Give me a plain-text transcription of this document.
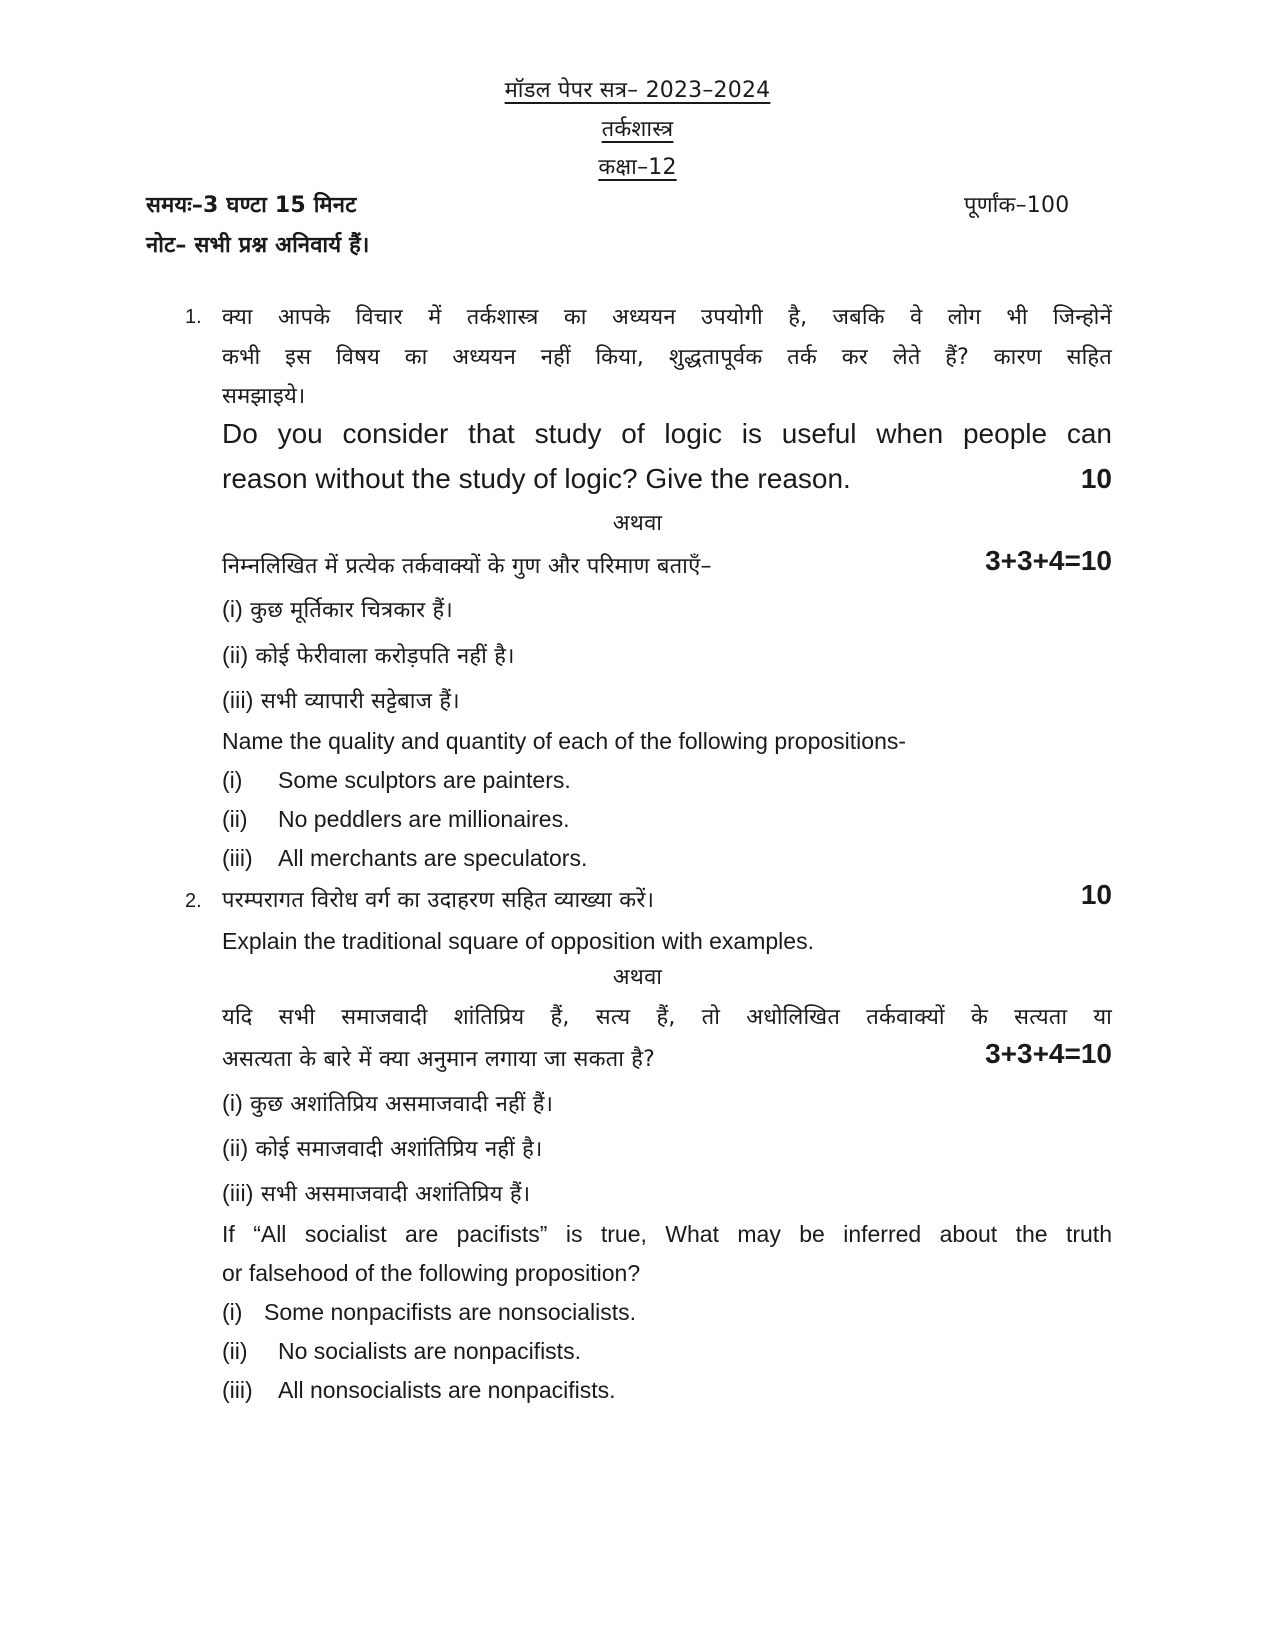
मॉडल पेपर सत्र– 2023–2024
तर्कशास्त्र
कक्षा–12
समयः–3 घण्टा 15 मिनट	पूर्णांक–100
नोट– सभी प्रश्न अनिवार्य हैं।
1. क्या आपके विचार में तर्कशास्त्र का अध्ययन उपयोगी है, जबकि वे लोग भी जिन्होनें
कभी इस विषय का अध्ययन नहीं किया, शुद्धतापूर्वक तर्क कर लेते हैं? कारण सहित
समझाइये।
Do you consider that study of logic is useful when people can
reason without the study of logic? Give the reason.	10
अथवा
निम्नलिखित में प्रत्येक तर्कवाक्यों के गुण और परिमाण बताएँ–	3+3+4=10
(i) कुछ मूर्तिकार चित्रकार हैं।
(ii) कोई फेरीवाला करोड़पति नहीं है।
(iii) सभी व्यापारी सट्टेबाज हैं।
Name the quality and quantity of each of the following propositions-
(i) Some sculptors are painters.
(ii) No peddlers are millionaires.
(iii) All merchants are speculators.
2. परम्परागत विरोध वर्ग का उदाहरण सहित व्याख्या करें।	10
Explain the traditional square of opposition with examples.
अथवा
यदि सभी समाजवादी शांतिप्रिय हैं, सत्य हैं, तो अधोलिखित तर्कवाक्यों के सत्यता या
असत्यता के बारे में क्या अनुमान लगाया जा सकता है?	3+3+4=10
(i) कुछ अशांतिप्रिय असमाजवादी नहीं हैं।
(ii) कोई समाजवादी अशांतिप्रिय नहीं है।
(iii) सभी असमाजवादी अशांतिप्रिय हैं।
If “All socialist are pacifists” is true, What may be inferred about the truth
or falsehood of the following proposition?
(i) Some nonpacifists are nonsocialists.
(ii) No socialists are nonpacifists.
(iii) All nonsocialists are nonpacifists.
